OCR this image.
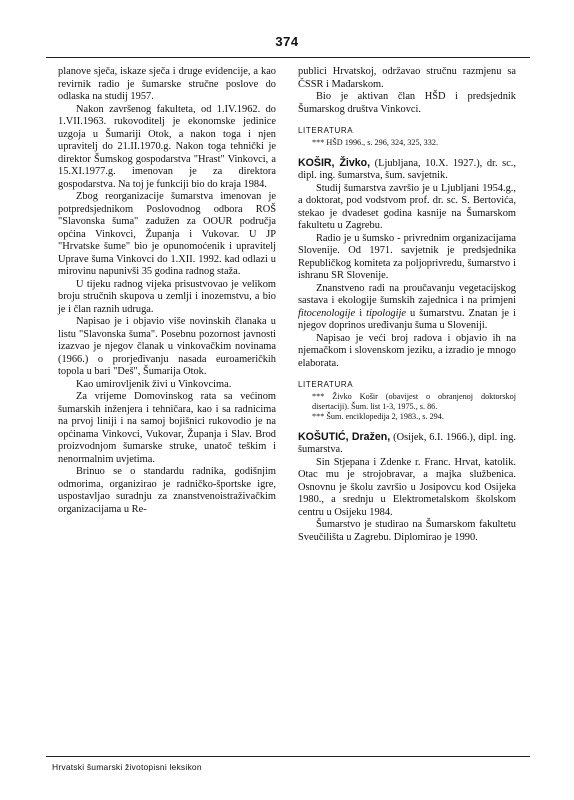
374

planove sječa, iskaze sječa i druge evidencije, a kao revirnik radio je šumarske stručne poslove do odlaska na studij 1957.

Nakon završenog fakulteta, od 1.IV.1962. do 1.VII.1963. rukovoditelj je ekonomske jedinice uzgoja u Šumariji Otok, a nakon toga i njen upravitelj do 21.II.1970.g. Nakon toga tehnički je direktor Šumskog gospodarstva "Hrast" Vinkovci, a 15.XI.1977.g. imenovan je za direktora gospodarstva. Na toj je funkciji bio do kraja 1984.

Zbog reorganizacije šumarstva imenovan je potpredsjednikom Poslovodnog odbora ROŠ "Slavonska šuma" zadužen za OOUR područja općina Vinkovci, Županja i Vukovar. U JP "Hrvatske šume" bio je opunomoćenik i upravitelj Uprave šuma Vinkovci do 1.XII. 1992. kad odlazi u mirovinu napunivši 35 godina radnog staža.

U tijeku radnog vijeka prisustvovao je velikom broju stručnih skupova u zemlji i inozemstvu, a bio je i član raznih udruga.

Napisao je i objavio više novinskih članaka u listu "Slavonska šuma". Posebnu pozornost javnosti izazvao je njegov članak u vinkovačkim novinama (1966.) o prorjeđivanju nasada euroameričkih topola u bari "Deš", Šumarija Otok.

Kao umirovljenik živi u Vinkovcima.

Za vrijeme Domovinskog rata sa većinom šumarskih inženjera i tehničara, kao i sa radnicima na prvoj liniji i na samoj bojišnici rukovodio je na općinama Vinkovci, Vukovar, Županja i Slav. Brod proizvodnjom šumarske struke, unatoč teškim i nenormalnim uvjetima.

Brinuo se o standardu radnika, godišnjim odmorima, organizirao je radničko-športske igre, uspostavljao suradnju za znanstvenoistraživačkim organizacijama u Re-

publici Hrvatskoj, održavao stručnu razmjenu sa ČSSR i Mađarskom.

Bio je aktivan član HŠD i predsjednik Šumarskog društva Vinkovci.

LITERATURA

*** HŠD 1996., s. 296, 324, 325, 332.

KOŠIR, Živko, (Ljubljana, 10.X. 1927.), dr. sc., dipl. ing. šumarstva, šum. savjetnik.

Studij šumarstva završio je u Ljubljani 1954.g., a doktorat, pod vodstvom prof. dr. sc. S. Bertovića, stekao je dvadeset godina kasnije na Šumarskom fakultetu u Zagrebu.

Radio je u šumsko - privrednim organizacijama Slovenije. Od 1971. savjetnik je predsjednika Republičkog komiteta za poljoprivredu, šumarstvo i ishranu SR Slovenije.

Znanstveno radi na proučavanju vegetacijskog sastava i ekologije šumskih zajednica i na primjeni fitocenologije i tipologije u šumarstvu. Znatan je i njegov doprinos uređivanju šuma u Sloveniji.

Napisao je veći broj radova i objavio ih na njemačkom i slovenskom jeziku, a izradio je mnogo elaborata.

LITERATURA

*** Živko Košir (obavijest o obranjenoj doktorskoj disertaciji). Šum. list 1-3, 1975., s. 86.

*** Šum. enciklopedija 2, 1983., s. 294.

KOŠUTIĆ, Dražen, (Osijek, 6.I. 1966.), dipl. ing. šumarstva.

Sin Stjepana i Zdenke r. Franc. Hrvat, katolik. Otac mu je strojobravar, a majka službenica. Osnovnu je školu završio u Josipovcu kod Osijeka 1980., a srednju u Elektrometalskom školskom centru u Osijeku 1984.

Šumarstvo je studirao na Šumarskom fakultetu Sveučilišta u Zagrebu. Diplomirao je 1990.

Hrvatski šumarski životopisni leksikon
